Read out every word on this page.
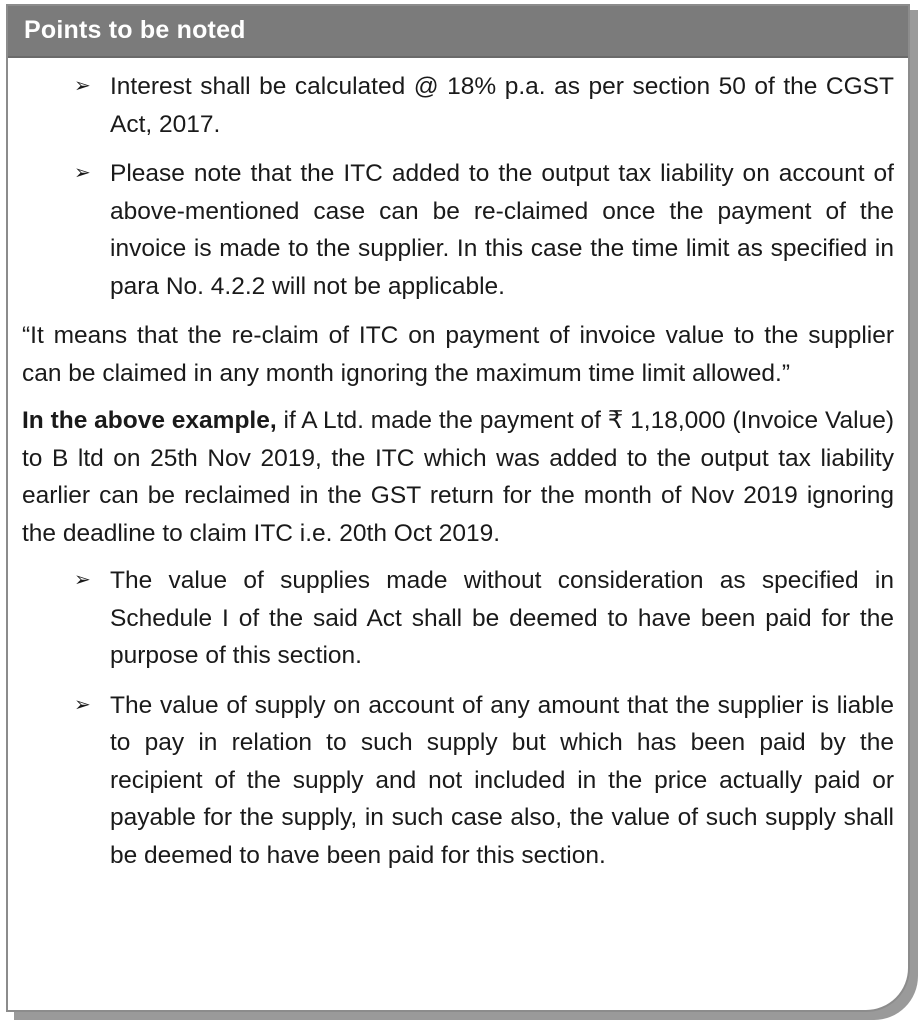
Points to be noted
➢ Interest shall be calculated @ 18% p.a. as per section 50 of the CGST Act, 2017.
➢ Please note that the ITC added to the output tax liability on account of above-mentioned case can be re-claimed once the payment of the invoice is made to the supplier. In this case the time limit as specified in para No. 4.2.2 will not be applicable.
“It means that the re-claim of ITC on payment of invoice value to the supplier can be claimed in any month ignoring the maximum time limit allowed.”
In the above example, if A Ltd. made the payment of ₹ 1,18,000 (Invoice Value) to B ltd on 25th Nov 2019, the ITC which was added to the output tax liability earlier can be reclaimed in the GST return for the month of Nov 2019 ignoring the deadline to claim ITC i.e. 20th Oct 2019.
➢ The value of supplies made without consideration as specified in Schedule I of the said Act shall be deemed to have been paid for the purpose of this section.
➢ The value of supply on account of any amount that the supplier is liable to pay in relation to such supply but which has been paid by the recipient of the supply and not included in the price actually paid or payable for the supply, in such case also, the value of such supply shall be deemed to have been paid for this section.
